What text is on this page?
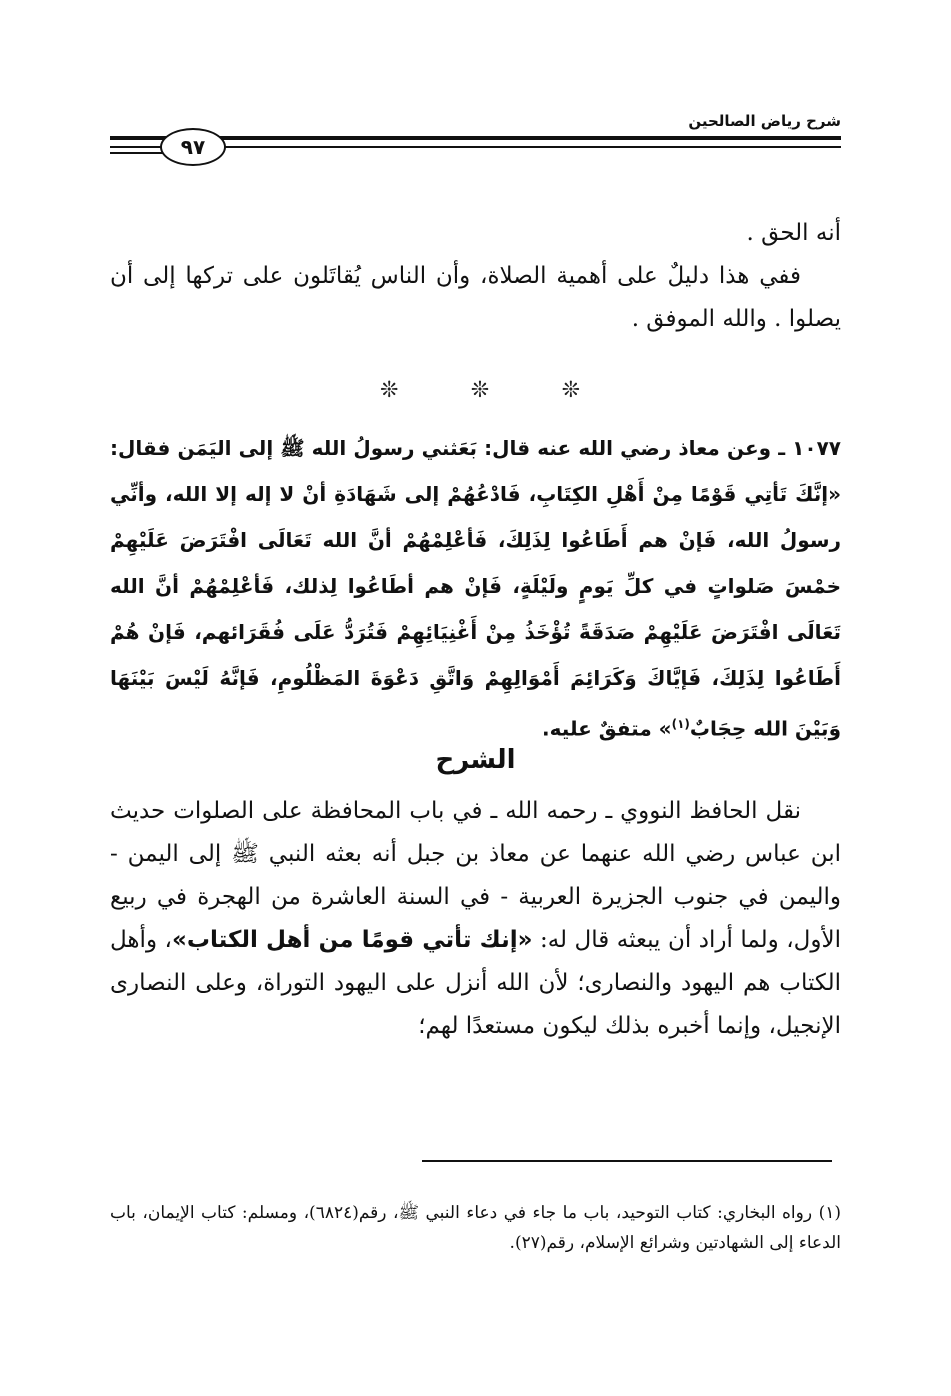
شرح رياض الصالحين
٩٧

أنه الحق .

ففي هذا دليلٌ على أهمية الصلاة، وأن الناس يُقاتَلون على تركها إلى أن يصلوا . والله الموفق .

❊	❊	❊

١٠٧٧ ـ وعن معاذ رضي الله عنه قال: بَعَثني رسولُ الله ﷺ إلى اليَمَن فقال: «إنَّكَ تَأتِي قَوْمًا مِنْ أَهْلِ الكِتَابِ، فَادْعُهُمْ إلى شَهَادَةِ أنْ لا إله إلا الله، وأنِّي رسولُ الله، فَإنْ هم أَطَاعُوا لِذَلِكَ، فَأعْلِمْهُمْ أنَّ الله تَعَالَى افْتَرَضَ عَلَيْهِمْ خمْسَ صَلواتٍ في كلِّ يَومٍ ولَيْلَةٍ، فَإنْ هم أطَاعُوا لِذلك، فَأعْلِمْهُمْ أنَّ الله تَعَالَى افْتَرَضَ عَلَيْهِمْ صَدَقَةً تُؤْخَذُ مِنْ أَغْنِيَائِهِمْ فَتُرَدُّ عَلَى فُقَرَائهم، فَإنْ هُمْ أَطَاعُوا لِذَلِكَ، فَإيَّاكَ وَكَرَائِمَ أَمْوَالِهِمْ وَاتَّقِ دَعْوَةَ المَظْلُومِ، فَإنَّهُ لَيْسَ بَيْنَهَا وَبَيْنَ الله حِجَابٌ$^{(١)}$» متفقٌ عليه.

الشرح

نقل الحافظ النووي ـ رحمه الله ـ في باب المحافظة على الصلوات حديث ابن عباس رضي الله عنهما عن معاذ بن جبل أنه بعثه النبي ﷺ إلى اليمن - واليمن في جنوب الجزيرة العربية - في السنة العاشرة من الهجرة في ربيع الأول، ولما أراد أن يبعثه قال له: «إنك تأتي قومًا من أهل الكتاب»، وأهل الكتاب هم اليهود والنصارى؛ لأن الله أنزل على اليهود التوراة، وعلى النصارى الإنجيل، وإنما أخبره بذلك ليكون مستعدًا لهم؛

(١) رواه البخاري: كتاب التوحيد، باب ما جاء في دعاء النبي ﷺ، رقم(٦٨٢٤)، ومسلم: كتاب الإيمان، باب الدعاء إلى الشهادتين وشرائع الإسلام، رقم(٢٧).
